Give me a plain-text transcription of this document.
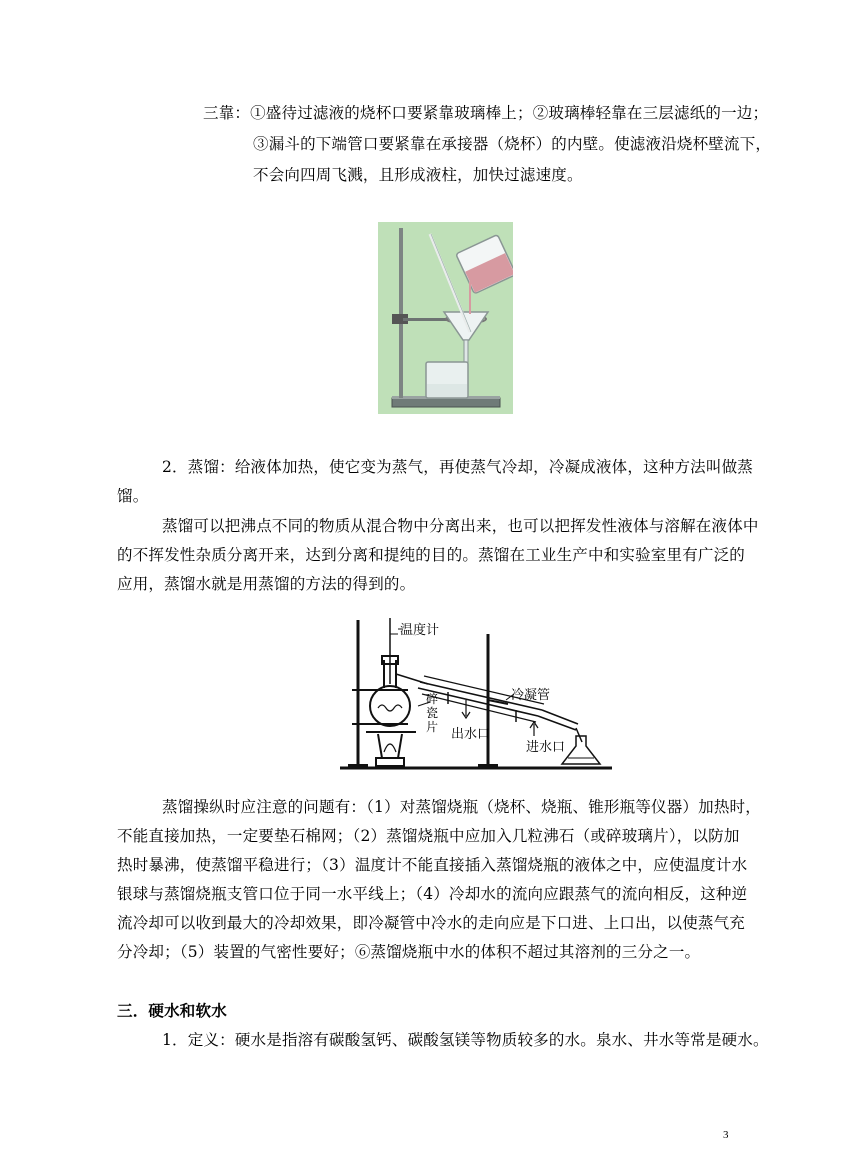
三靠：①盛待过滤液的烧杯口要紧靠玻璃棒上；②玻璃棒轻靠在三层滤纸的一边；
③漏斗的下端管口要紧靠在承接器（烧杯）的内壁。使滤液沿烧杯壁流下，
不会向四周飞溅，且形成液柱，加快过滤速度。
2．蒸馏：给液体加热，使它变为蒸气，再使蒸气冷却，冷凝成液体，这种方法叫做蒸
馏。
蒸馏可以把沸点不同的物质从混合物中分离出来，也可以把挥发性液体与溶解在液体中
的不挥发性杂质分离开来，达到分离和提纯的目的。蒸馏在工业生产中和实验室里有广泛的
应用，蒸馏水就是用蒸馏的方法的得到的。
温度计
冷凝管
碎瓷片 出水口
进水口
蒸馏操纵时应注意的问题有：（1）对蒸馏烧瓶（烧杯、烧瓶、锥形瓶等仪器）加热时，
不能直接加热，一定要垫石棉网；（2）蒸馏烧瓶中应加入几粒沸石（或碎玻璃片），以防加
热时暴沸，使蒸馏平稳进行；（3）温度计不能直接插入蒸馏烧瓶的液体之中，应使温度计水
银球与蒸馏烧瓶支管口位于同一水平线上；（4）冷却水的流向应跟蒸气的流向相反，这种逆
流冷却可以收到最大的冷却效果，即冷凝管中冷水的走向应是下口进、上口出，以使蒸气充
分冷却；（5）装置的气密性要好；⑥蒸馏烧瓶中水的体积不超过其溶剂的三分之一。
三．硬水和软水
1．定义：硬水是指溶有碳酸氢钙、碳酸氢镁等物质较多的水。泉水、井水等常是硬水。
3
